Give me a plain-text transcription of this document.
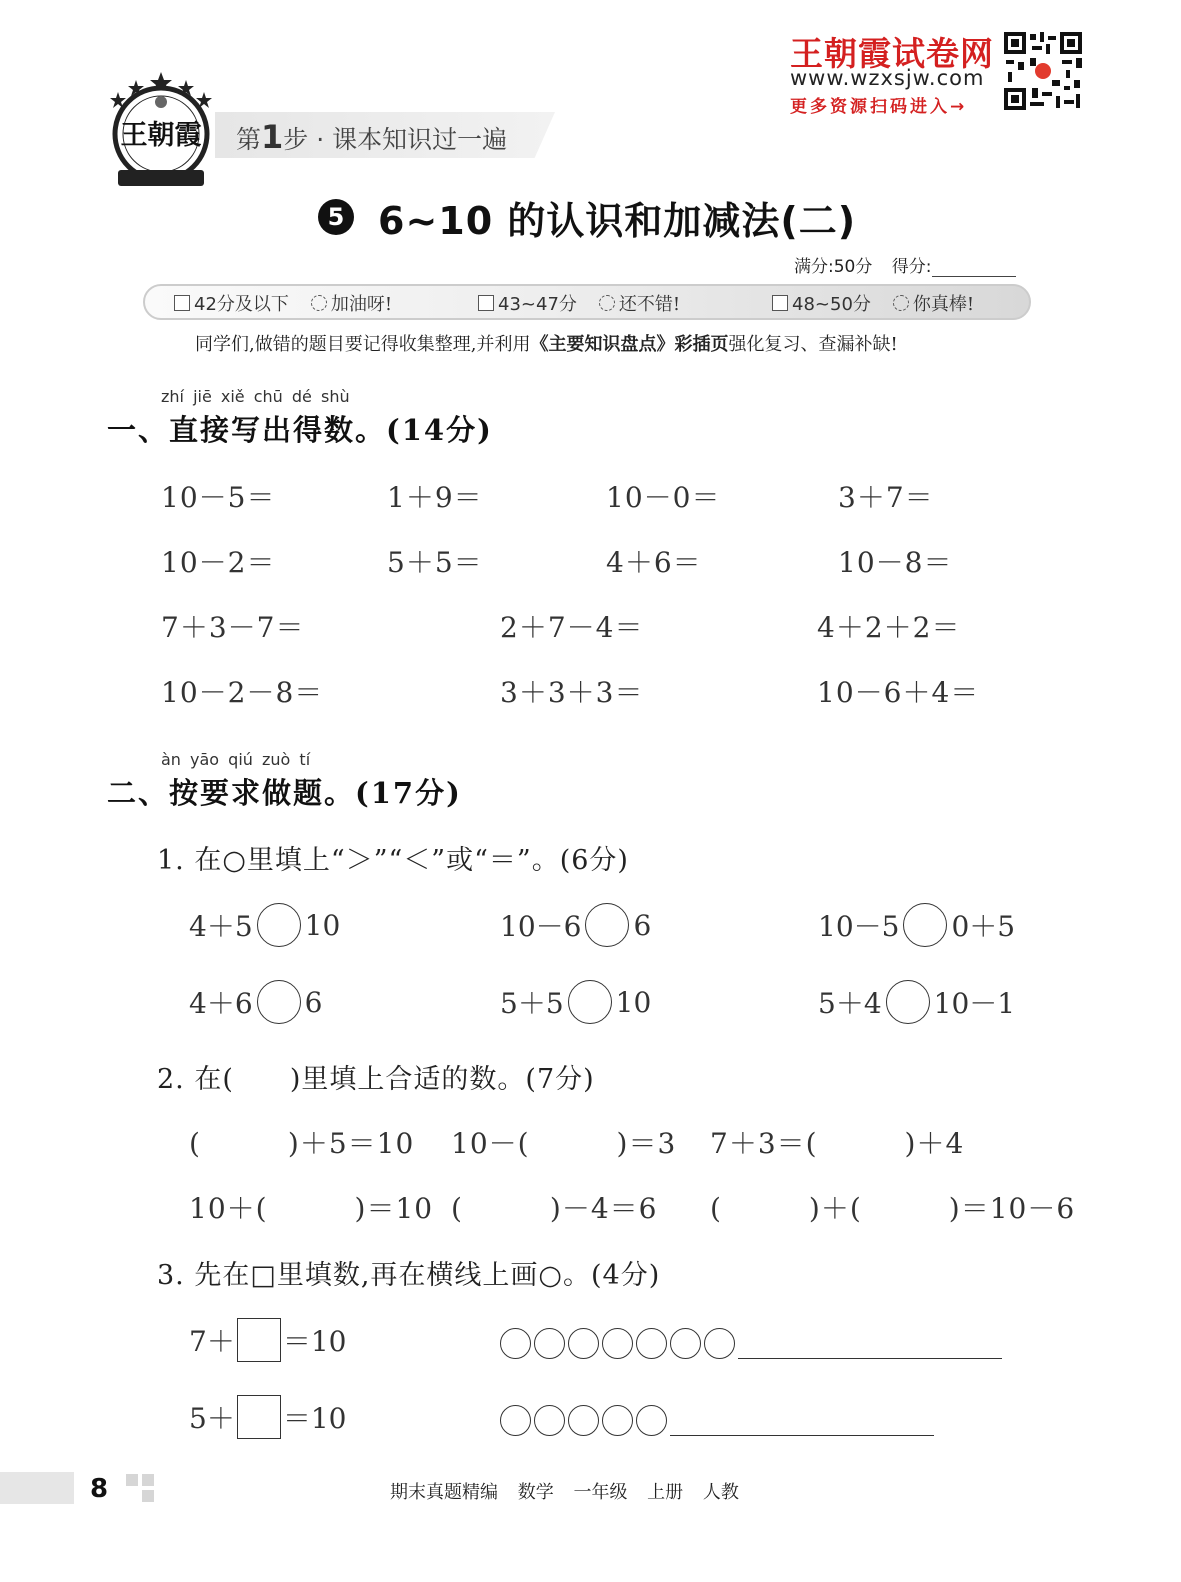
王朝霞 第1步 · 课本知识过一遍
王朝霞试卷网
www.wzxsjw.com
更多资源扫码进入→
5 6~10 的认识和加减法(二)
满分:50分 得分:
42分及以下 加油呀!	43~47分 还不错!	48~50分 你真棒!
同学们,做错的题目要记得收集整理,并利用《主要知识盘点》彩插页强化复习、查漏补缺!
zhí jiē xiě chū dé shù
一、直接写出得数。(14分)
10－5＝	1＋9＝	10－0＝	3＋7＝
10－2＝	5＋5＝	4＋6＝	10－8＝
7＋3－7＝	2＋7－4＝	4＋2＋2＝
10－2－8＝	3＋3＋3＝	10－6＋4＝
àn yāo qiú zuò tí
二、按要求做题。(17分)
1. 在○里填上“＞”“＜”或“＝”。(6分)
4＋5 10	10－6 6	10－5 0＋5
4＋6 6	5＋5 10	5＋4 10－1
2. 在(　　)里填上合适的数。(7分)
(　　　)＋5＝10 10－(　　　)＝3 7＋3＝(　　　)＋4
10＋(　　　)＝10 (　　　)－4＝6 (　　　)＋(　　　)＝10－6
3. 先在□里填数,再在横线上画○。(4分)
7＋ ＝10
5＋ ＝10
8	期末真题精编 数学 一年级 上册 人教
